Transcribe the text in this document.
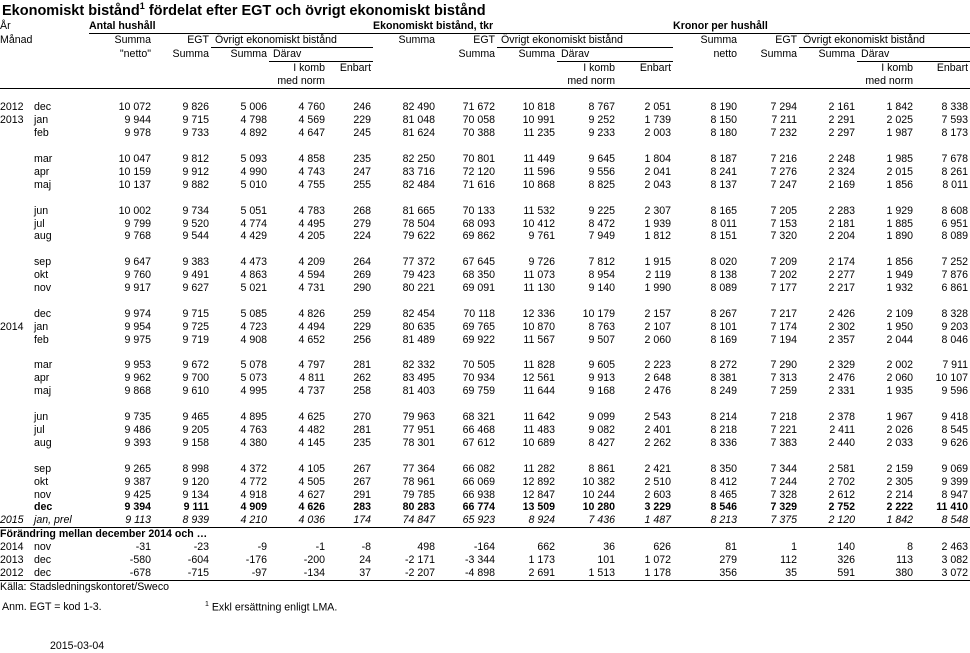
Ekonomiskt bistånd$^1$ fördelat efter EGT och övrigt ekonomiskt bistånd
År		Antal hushåll					Ekonomiskt bistånd, tkr					Kronor per hushåll				
Månad		Summa	EGT	Övrigt ekonomiskt bistånd			Summa	EGT	Övrigt ekonomiskt bistånd			Summa	EGT	Övrigt ekonomiskt bistånd		
		"netto"	Summa	Summa	Därav			Summa	Summa	Därav		netto	Summa	Summa	Därav	
					I komb	Enbart				I komb	Enbart				I komb	Enbart
					med norm					med norm					med norm	

2012	dec	10 072	9 826	5 006	4 760	246	82 490	71 672	10 818	8 767	2 051	8 190	7 294	2 161	1 842	8 338
2013	jan	9 944	9 715	4 798	4 569	229	81 048	70 058	10 991	9 252	1 739	8 150	7 211	2 291	2 025	7 593
	feb	9 978	9 733	4 892	4 647	245	81 624	70 388	11 235	9 233	2 003	8 180	7 232	2 297	1 987	8 173

	mar	10 047	9 812	5 093	4 858	235	82 250	70 801	11 449	9 645	1 804	8 187	7 216	2 248	1 985	7 678
	apr	10 159	9 912	4 990	4 743	247	83 716	72 120	11 596	9 556	2 041	8 241	7 276	2 324	2 015	8 261
	maj	10 137	9 882	5 010	4 755	255	82 484	71 616	10 868	8 825	2 043	8 137	7 247	2 169	1 856	8 011

	jun	10 002	9 734	5 051	4 783	268	81 665	70 133	11 532	9 225	2 307	8 165	7 205	2 283	1 929	8 608
	jul	9 799	9 520	4 774	4 495	279	78 504	68 093	10 412	8 472	1 939	8 011	7 153	2 181	1 885	6 951
	aug	9 768	9 544	4 429	4 205	224	79 622	69 862	9 761	7 949	1 812	8 151	7 320	2 204	1 890	8 089

	sep	9 647	9 383	4 473	4 209	264	77 372	67 645	9 726	7 812	1 915	8 020	7 209	2 174	1 856	7 252
	okt	9 760	9 491	4 863	4 594	269	79 423	68 350	11 073	8 954	2 119	8 138	7 202	2 277	1 949	7 876
	nov	9 917	9 627	5 021	4 731	290	80 221	69 091	11 130	9 140	1 990	8 089	7 177	2 217	1 932	6 861

	dec	9 974	9 715	5 085	4 826	259	82 454	70 118	12 336	10 179	2 157	8 267	7 217	2 426	2 109	8 328
2014	jan	9 954	9 725	4 723	4 494	229	80 635	69 765	10 870	8 763	2 107	8 101	7 174	2 302	1 950	9 203
	feb	9 975	9 719	4 908	4 652	256	81 489	69 922	11 567	9 507	2 060	8 169	7 194	2 357	2 044	8 046

	mar	9 953	9 672	5 078	4 797	281	82 332	70 505	11 828	9 605	2 223	8 272	7 290	2 329	2 002	7 911
	apr	9 962	9 700	5 073	4 811	262	83 495	70 934	12 561	9 913	2 648	8 381	7 313	2 476	2 060	10 107
	maj	9 868	9 610	4 995	4 737	258	81 403	69 759	11 644	9 168	2 476	8 249	7 259	2 331	1 935	9 596

	jun	9 735	9 465	4 895	4 625	270	79 963	68 321	11 642	9 099	2 543	8 214	7 218	2 378	1 967	9 418
	jul	9 486	9 205	4 763	4 482	281	77 951	66 468	11 483	9 082	2 401	8 218	7 221	2 411	2 026	8 545
	aug	9 393	9 158	4 380	4 145	235	78 301	67 612	10 689	8 427	2 262	8 336	7 383	2 440	2 033	9 626

	sep	9 265	8 998	4 372	4 105	267	77 364	66 082	11 282	8 861	2 421	8 350	7 344	2 581	2 159	9 069
	okt	9 387	9 120	4 772	4 505	267	78 961	66 069	12 892	10 382	2 510	8 412	7 244	2 702	2 305	9 399
	nov	9 425	9 134	4 918	4 627	291	79 785	66 938	12 847	10 244	2 603	8 465	7 328	2 612	2 214	8 947
	dec	9 394	9 111	4 909	4 626	283	80 283	66 774	13 509	10 280	3 229	8 546	7 329	2 752	2 222	11 410
2015	jan, prel	9 113	8 939	4 210	4 036	174	74 847	65 923	8 924	7 436	1 487	8 213	7 375	2 120	1 842	8 548
Förändring mellan december 2014 och …																
2014	nov	-31	-23	-9	-1	-8	498	-164	662	36	626	81	1	140	8	2 463
2013	dec	-580	-604	-176	-200	24	-2 171	-3 344	1 173	101	1 072	279	112	326	113	3 082
2012	dec	-678	-715	-97	-134	37	-2 207	-4 898	2 691	1 513	1 178	356	35	591	380	3 072
Källa: Stadsledningskontoret/Sweco																
Anm. EGT = kod 1-3.	$^1$ Exkl ersättning enligt LMA.
2015-03-04
